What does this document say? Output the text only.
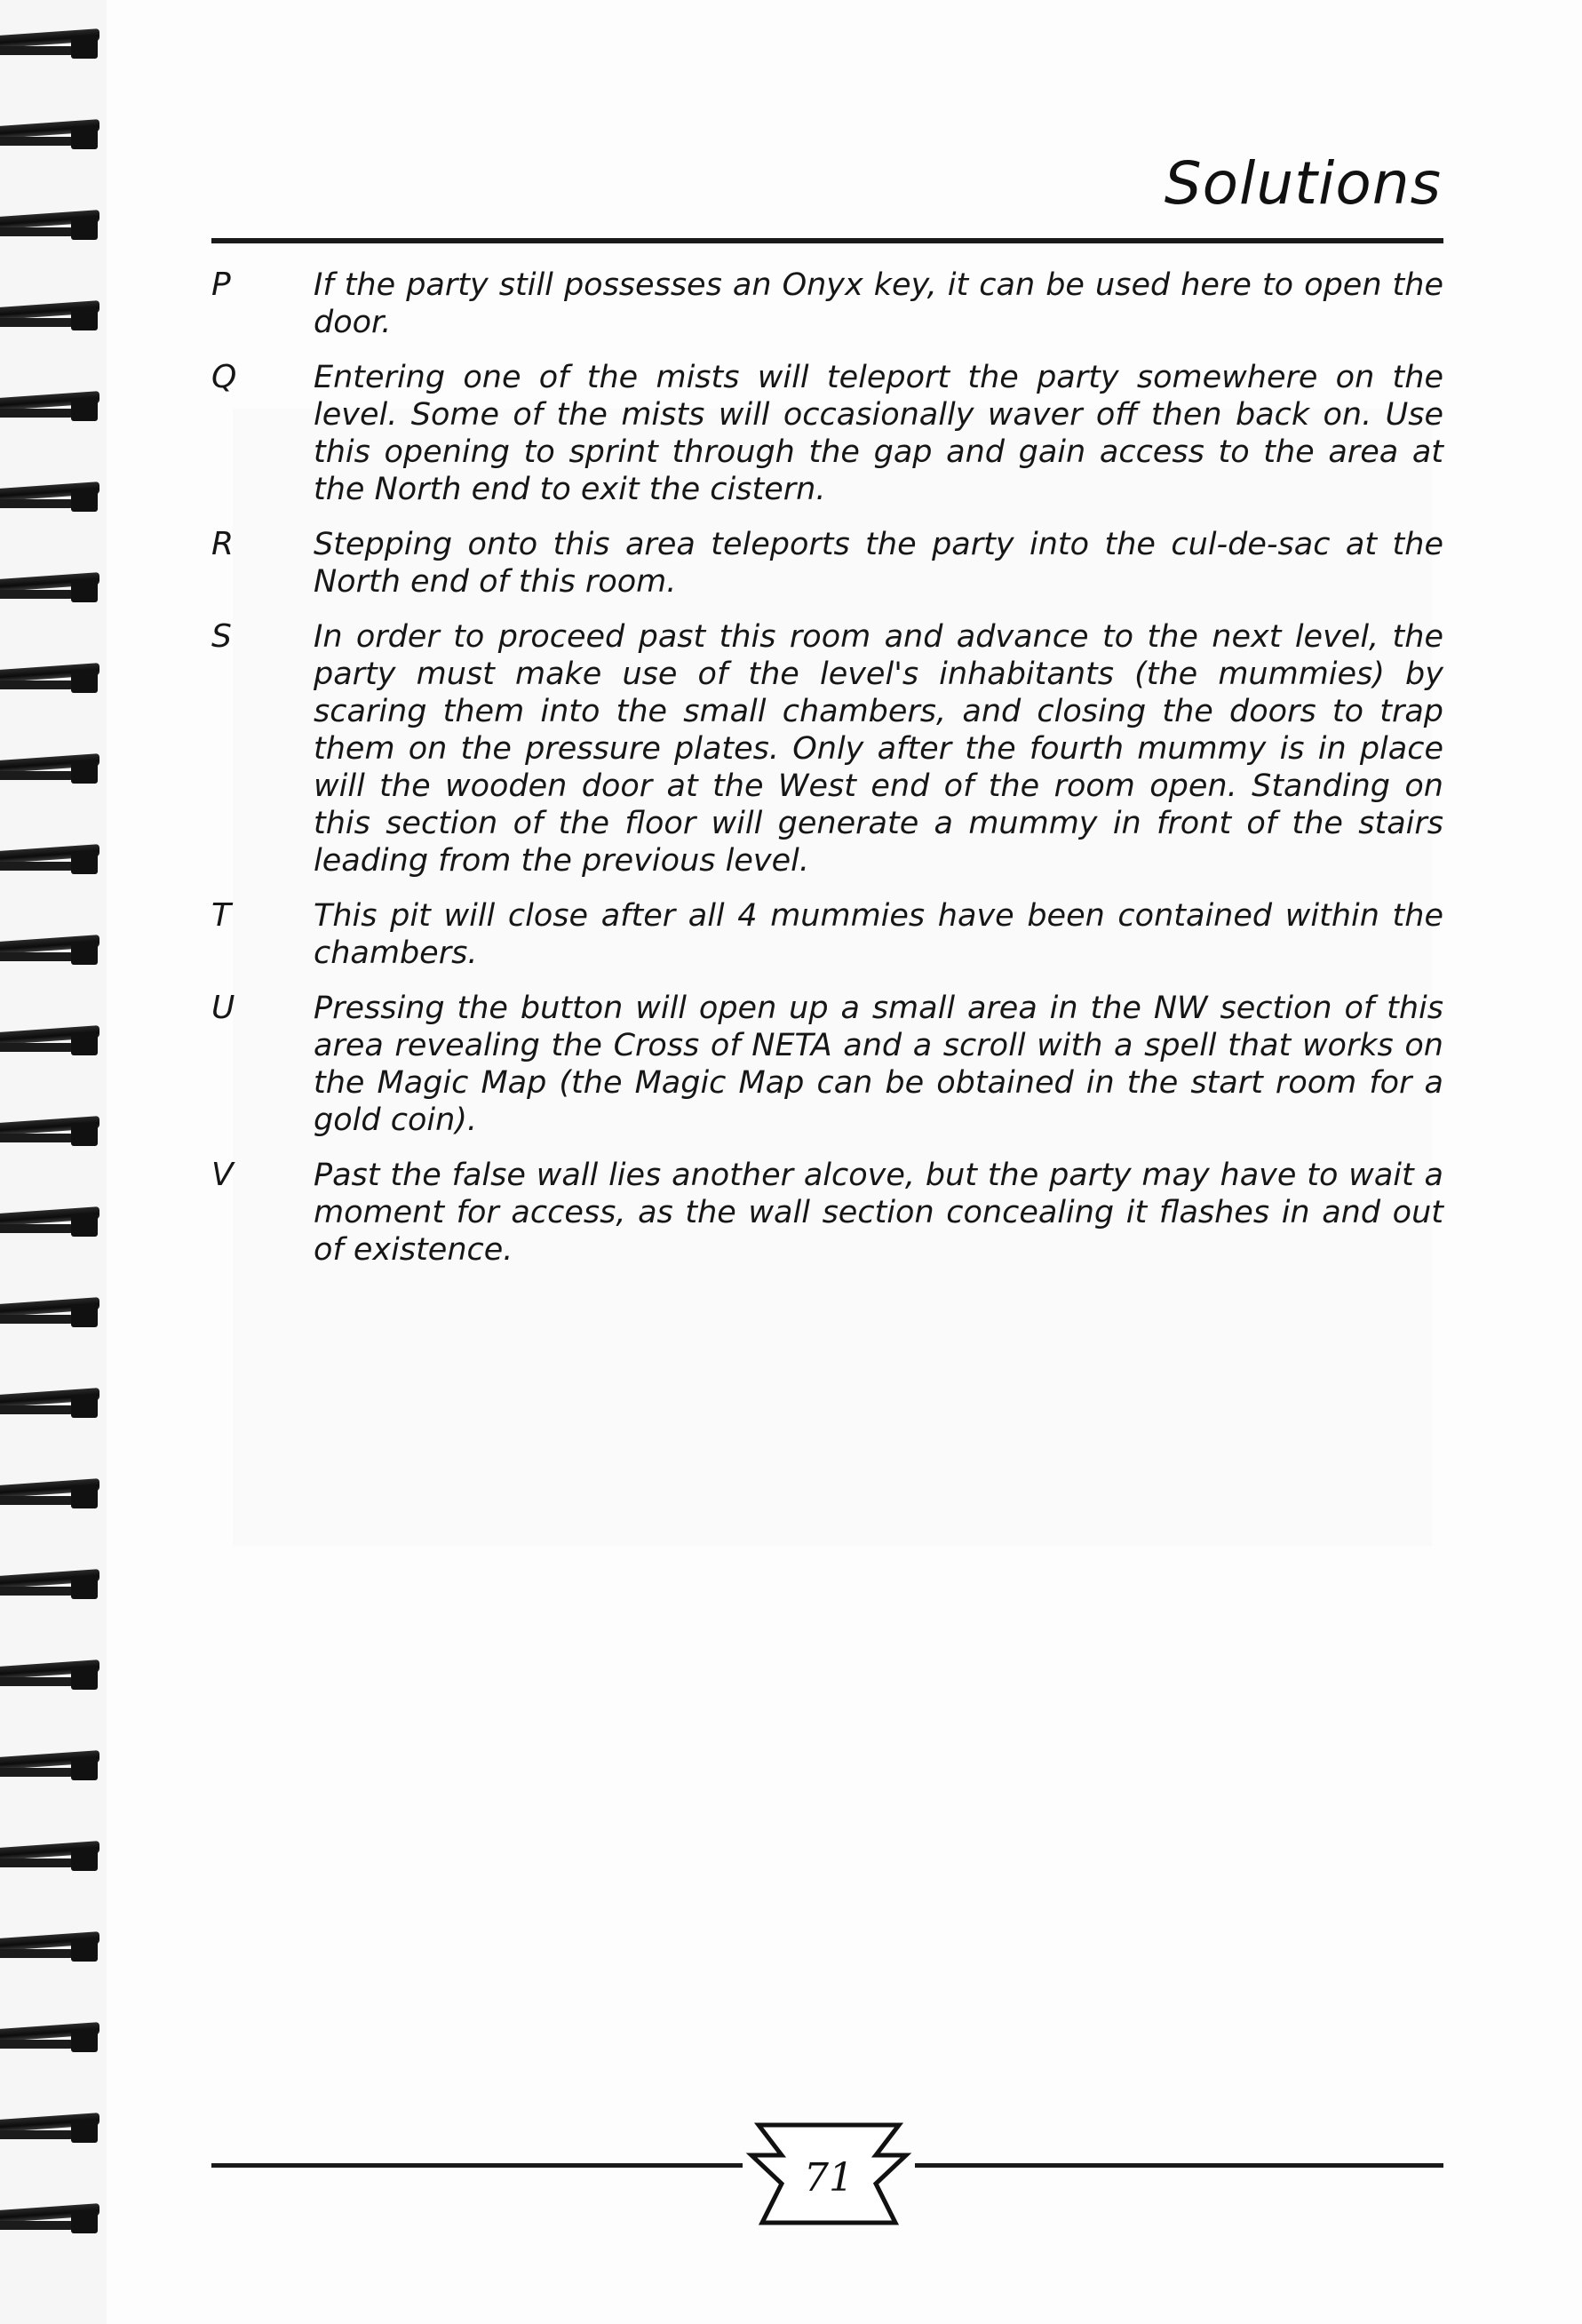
Solutions
P	If the party still possesses an Onyx key, it can be used here to open the door.
Q	Entering one of the mists will teleport the party somewhere on the level. Some of the mists will occasionally waver off then back on. Use this opening to sprint through the gap and gain access to the area at the North end to exit the cistern.
R	Stepping onto this area teleports the party into the cul-de-sac at the North end of this room.
S	In order to proceed past this room and advance to the next level, the party must make use of the level's inhabitants (the mummies) by scaring them into the small chambers, and closing the doors to trap them on the pressure plates. Only after the fourth mummy is in place will the wooden door at the West end of the room open. Standing on this section of the floor will generate a mummy in front of the stairs leading from the previous level.
T	This pit will close after all 4 mummies have been contained within the chambers.
U	Pressing the button will open up a small area in the NW section of this area revealing the Cross of NETA and a scroll with a spell that works on the Magic Map (the Magic Map can be obtained in the start room for a gold coin).
V	Past the false wall lies another alcove, but the party may have to wait a moment for access, as the wall section concealing it flashes in and out of existence.
71
